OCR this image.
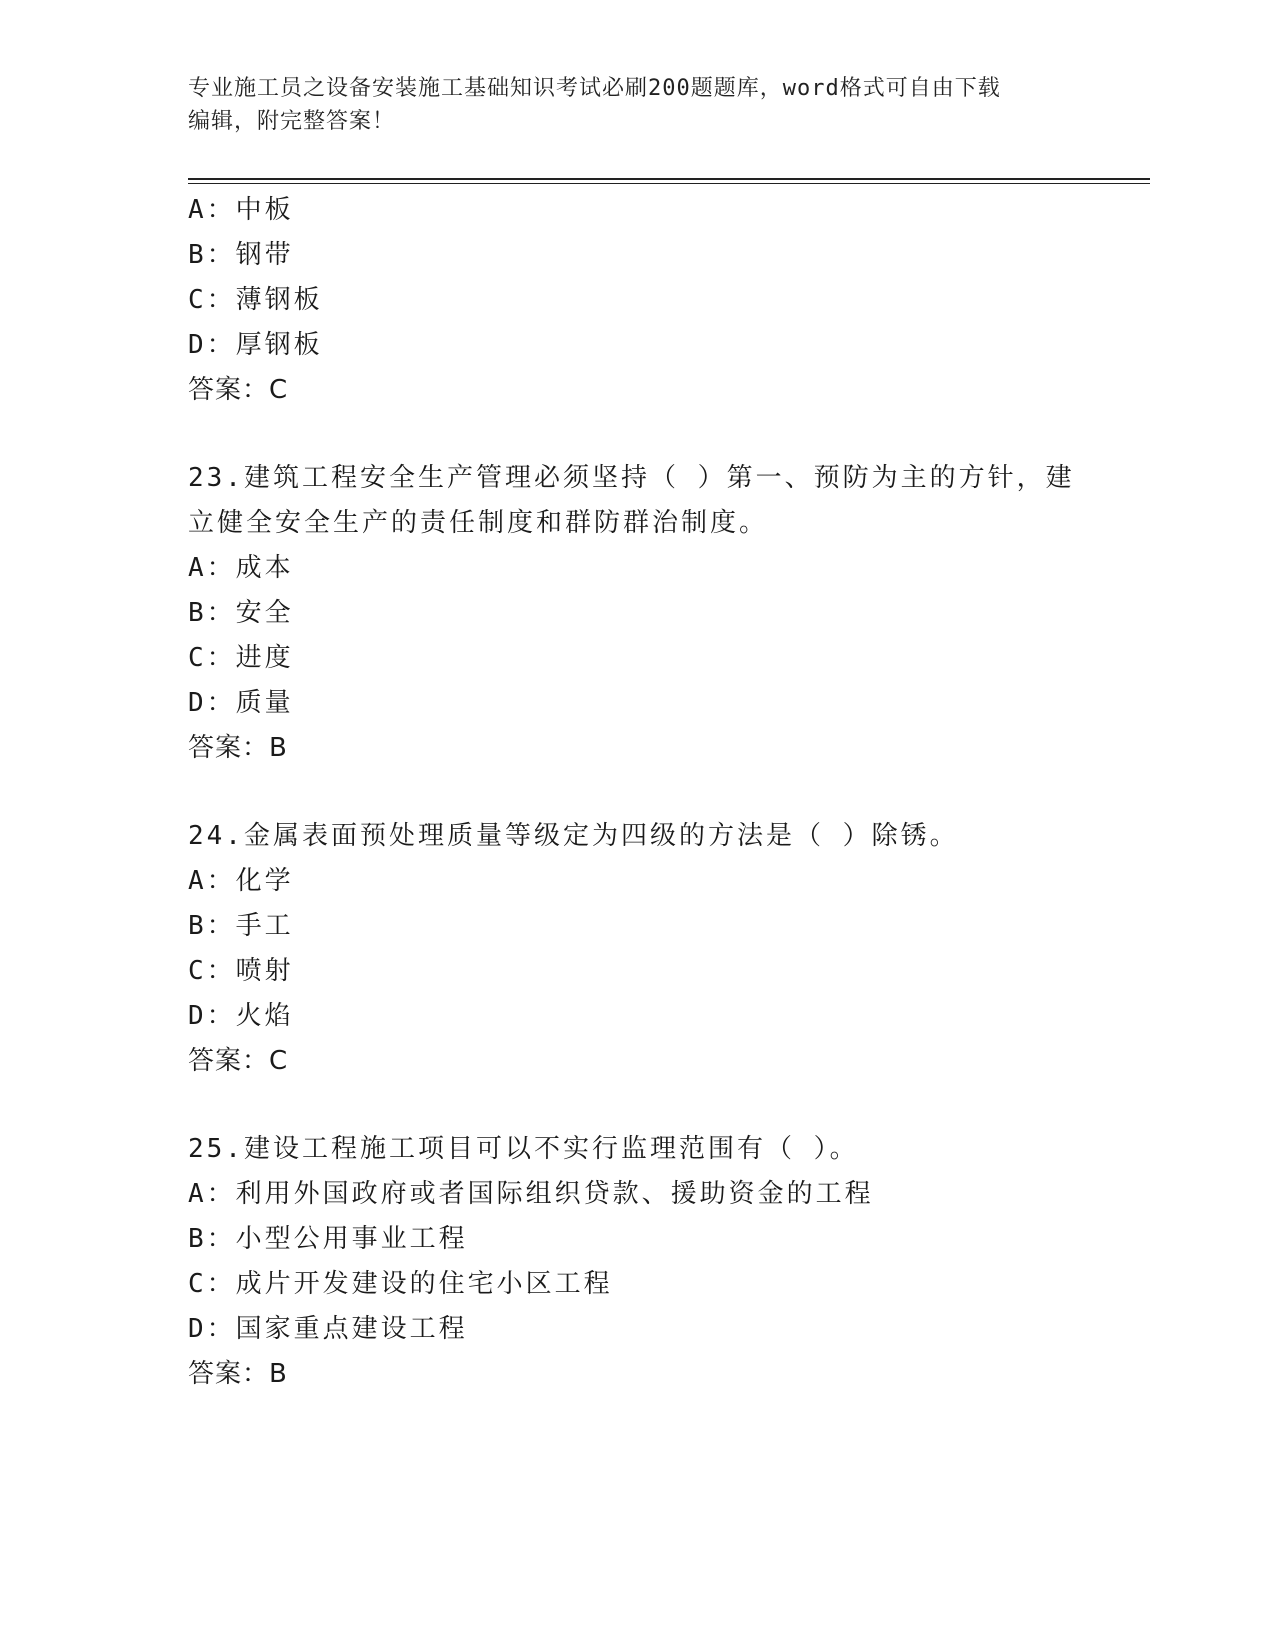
专业施工员之设备安装施工基础知识考试必刷200题题库，word格式可自由下载
编辑，附完整答案！
A：中板
B：钢带
C：薄钢板
D：厚钢板
答案：C
23.建筑工程安全生产管理必须坚持（ ）第一、预防为主的方针，建
立健全安全生产的责任制度和群防群治制度。
A：成本
B：安全
C：进度
D：质量
答案：B
24.金属表面预处理质量等级定为四级的方法是（ ）除锈。
A：化学
B：手工
C：喷射
D：火焰
答案：C
25.建设工程施工项目可以不实行监理范围有（ ）。
A：利用外国政府或者国际组织贷款、援助资金的工程
B：小型公用事业工程
C：成片开发建设的住宅小区工程
D：国家重点建设工程
答案：B
